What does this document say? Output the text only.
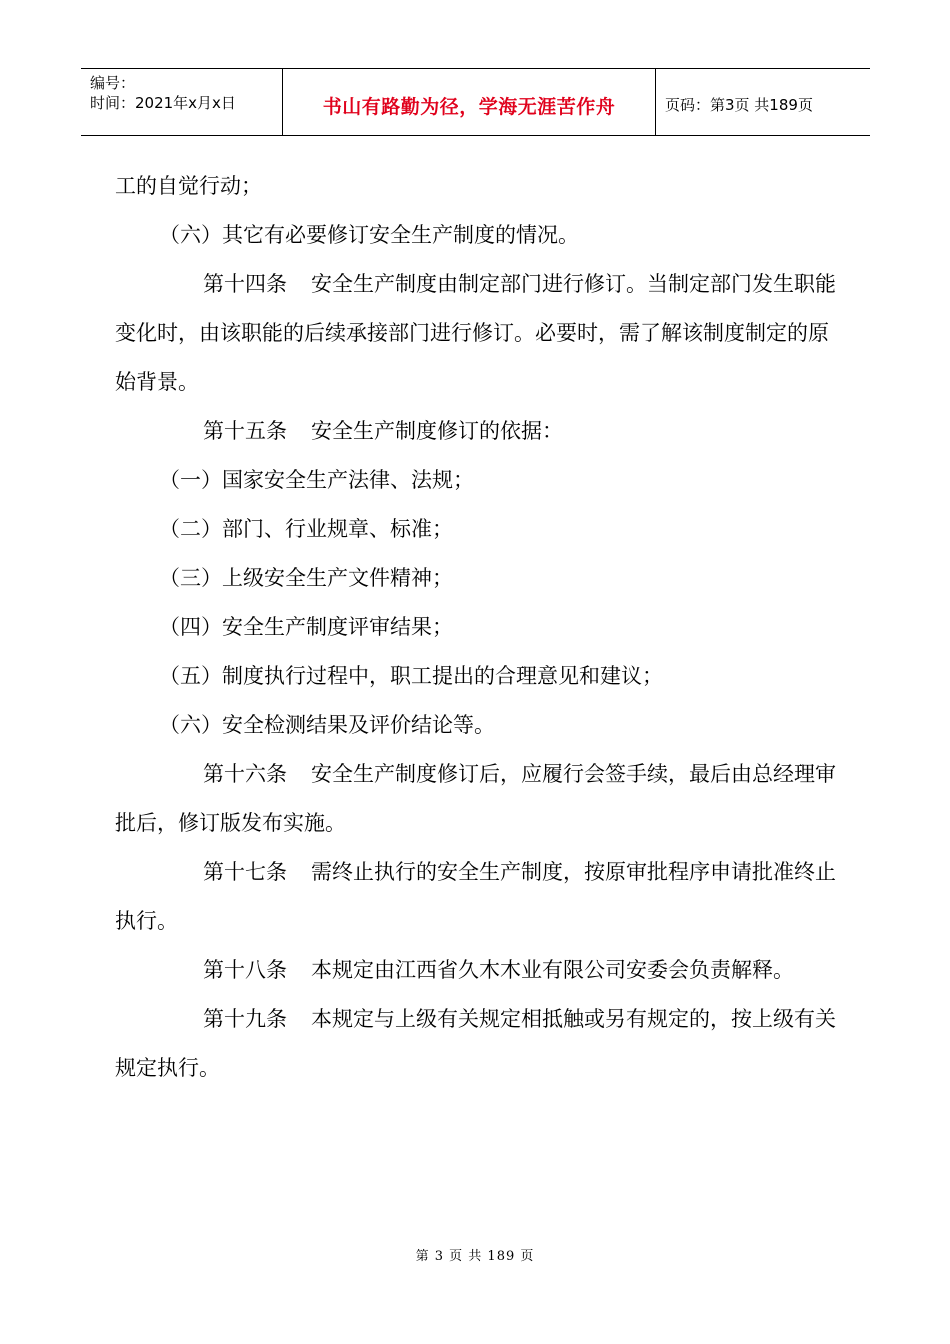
编号：
时间：2021年x月x日	书山有路勤为径，学海无涯苦作舟	页码：第3页 共189页

工的自觉行动；

（六）其它有必要修订安全生产制度的情况。

第十四条 安全生产制度由制定部门进行修订。当制定部门发生职能变化时，由该职能的后续承接部门进行修订。必要时，需了解该制度制定的原始背景。

第十五条 安全生产制度修订的依据：

（一）国家安全生产法律、法规；

（二）部门、行业规章、标准；

（三）上级安全生产文件精神；

（四）安全生产制度评审结果；

（五）制度执行过程中，职工提出的合理意见和建议；

（六）安全检测结果及评价结论等。

第十六条 安全生产制度修订后，应履行会签手续，最后由总经理审批后，修订版发布实施。

第十七条 需终止执行的安全生产制度，按原审批程序申请批准终止执行。

第十八条 本规定由江西省久木木业有限公司安委会负责解释。

第十九条 本规定与上级有关规定相抵触或另有规定的，按上级有关规定执行。

第 3 页 共 189 页
